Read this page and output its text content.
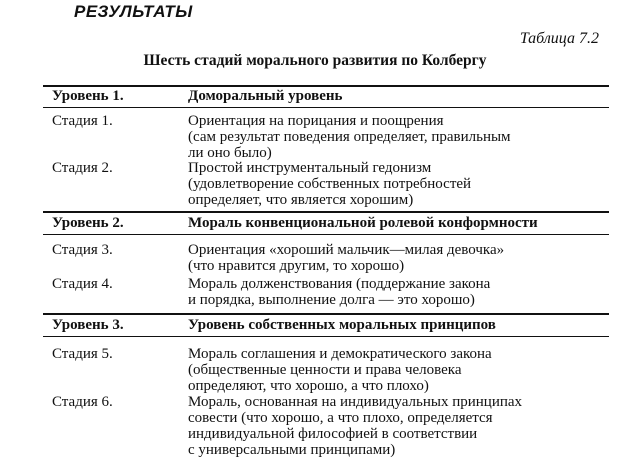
РЕЗУЛЬТАТЫ
Таблица 7.2
Шесть стадий морального развития по Колбергу
Уровень 1.	Доморальный уровень
Стадия 1.	Ориентация на порицания и поощрения
(сам результат поведения определяет, правильным
ли оно было)
Стадия 2.	Простой инструментальный гедонизм
(удовлетворение собственных потребностей
определяет, что является хорошим)
Уровень 2.	Мораль конвенциональной ролевой конформности
Стадия 3.	Ориентация «хороший мальчик—милая девочка»
(что нравится другим, то хорошо)
Стадия 4.	Мораль долженствования (поддержание закона
и порядка, выполнение долга — это хорошо)
Уровень 3.	Уровень собственных моральных принципов
Стадия 5.	Мораль соглашения и демократического закона
(общественные ценности и права человека
определяют, что хорошо, а что плохо)
Стадия 6.	Мораль, основанная на индивидуальных принципах
совести (что хорошо, а что плохо, определяется
индивидуальной философией в соответствии
с универсальными принципами)
